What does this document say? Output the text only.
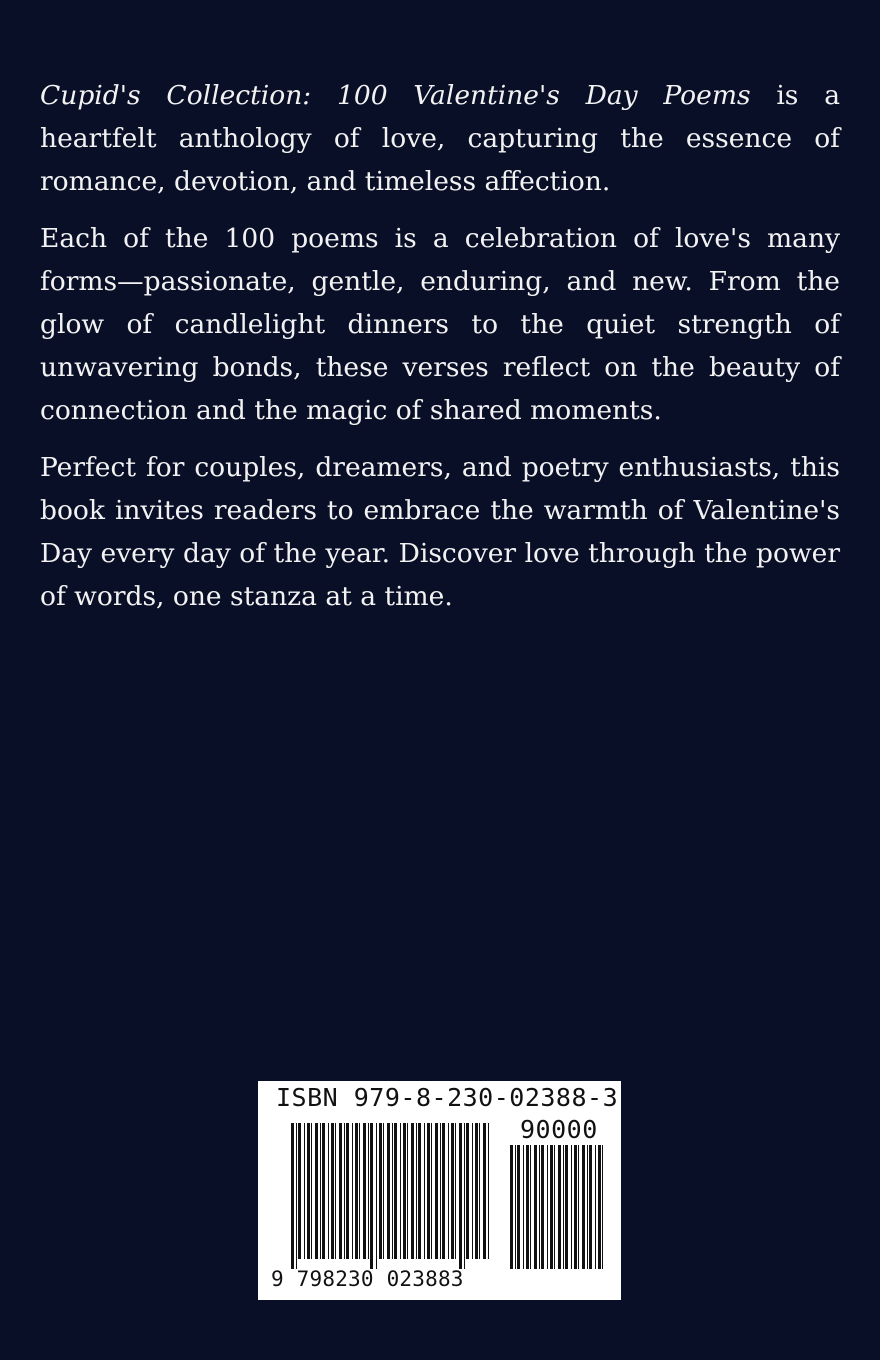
Cupid's Collection: 100 Valentine's Day Poems is a heartfelt anthology of love, capturing the essence of romance, devotion, and timeless affection.

Each of the 100 poems is a celebration of love's many forms—passionate, gentle, enduring, and new. From the glow of candlelight dinners to the quiet strength of unwavering bonds, these verses reflect on the beauty of connection and the magic of shared moments.

Perfect for couples, dreamers, and poetry enthusiasts, this book invites readers to embrace the warmth of Valentine's Day every day of the year. Discover love through the power of words, one stanza at a time.

ISBN 979-8-230-02388-3
90000
9 798230 023883
